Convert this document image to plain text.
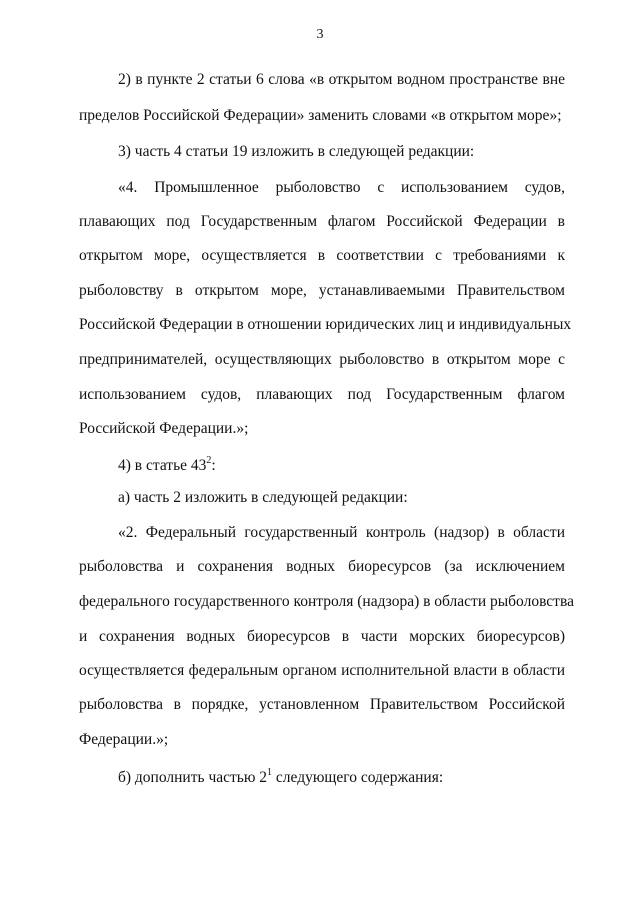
3
2) в пункте 2 статьи 6 слова «в открытом водном пространстве вне
пределов Российской Федерации» заменить словами «в открытом море»;
3) часть 4 статьи 19 изложить в следующей редакции:
«4. Промышленное рыболовство с использованием судов,
плавающих под Государственным флагом Российской Федерации в
открытом море, осуществляется в соответствии с требованиями к
рыболовству в открытом море, устанавливаемыми Правительством
Российской Федерации в отношении юридических лиц и индивидуальных
предпринимателей, осуществляющих рыболовство в открытом море с
использованием судов, плавающих под Государственным флагом
Российской Федерации.»;
4) в статье $43^2$:
а) часть 2 изложить в следующей редакции:
«2. Федеральный государственный контроль (надзор) в области
рыболовства и сохранения водных биоресурсов (за исключением
федерального государственного контроля (надзора) в области рыболовства
и сохранения водных биоресурсов в части морских биоресурсов)
осуществляется федеральным органом исполнительной власти в области
рыболовства в порядке, установленном Правительством Российской
Федерации.»;
б) дополнить частью $2^1$ следующего содержания:
